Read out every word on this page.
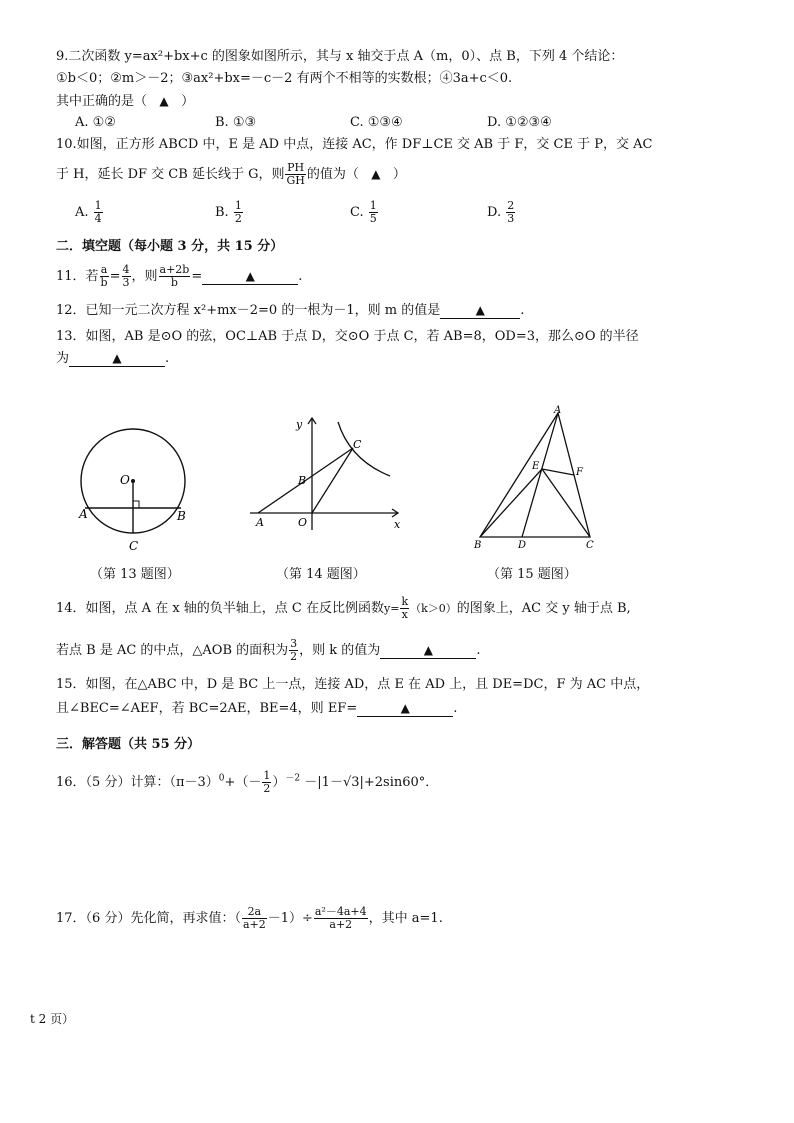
9.二次函数 y=ax²+bx+c 的图象如图所示，其与 x 轴交于点 A（m，0）、点 B，下列 4 个结论：
①b＜0；②m＞－2；③ax²+bx=－c－2 有两个不相等的实数根；④3a+c＜0.
其中正确的是（ ▲ ）
A. ①②	B. ①③	C. ①③④	D. ①②③④
10.如图，正方形 ABCD 中，E 是 AD 中点，连接 AC，作 DF⊥CE 交 AB 于 F，交 CE 于 P，交 AC
于 H，延长 DF 交 CB 延长线于 G，则 $\frac{PH}{GH}$ 的值为（ ▲ ）
A. $\frac{1}{4}$	B. $\frac{1}{2}$	C. $\frac{1}{5}$	D. $\frac{2}{3}$
二．填空题（每小题 3 分，共 15 分）
11．若 $\frac{a}{b} = \frac{4}{3}$ ，则 $\frac{a+2b}{b}$ =	▲	.
12．已知一元二次方程 x²+mx－2=0 的一根为－1，则 m 的值是	▲	.
13．如图，AB 是⊙O 的弦，OC⊥AB 于点 D，交⊙O 于点 C，若 AB=8，OD=3，那么⊙O 的半径
为	▲	.
O
A	B
C
y
x
O
A
B
C
A
B	C
D
E
F
（第 13 题图）	（第 14 题图）	（第 15 题图）
14．如图，点 A 在 x 轴的负半轴上，点 C 在反比例函数$y= \frac{k}{x} (k>0)$的图象上，AC 交 y 轴于点 B,
若点 B 是 AC 的中点，△AOB 的面积为 $\frac{3}{2}$ ，则 k 的值为	▲	.
15．如图，在△ABC 中，D 是 BC 上一点，连接 AD，点 E 在 AD 上，且 DE=DC，F 为 AC 中点，
且∠BEC=∠AEF，若 BC=2AE，BE=4，则 EF=	▲	.
三．解答题（共 55 分）
16．（5 分）计算：$(\pi-3)^0+(- \frac{1}{2} )^{-2} -|1-√3|+2\sin 60^\circ$．
17．（6 分）先化简，再求值：（ $\frac{2a}{a+2} -1)\div \frac{\text{a²－4a+4}}{a+2}$ ，其中 a=1.
t 2 页）
